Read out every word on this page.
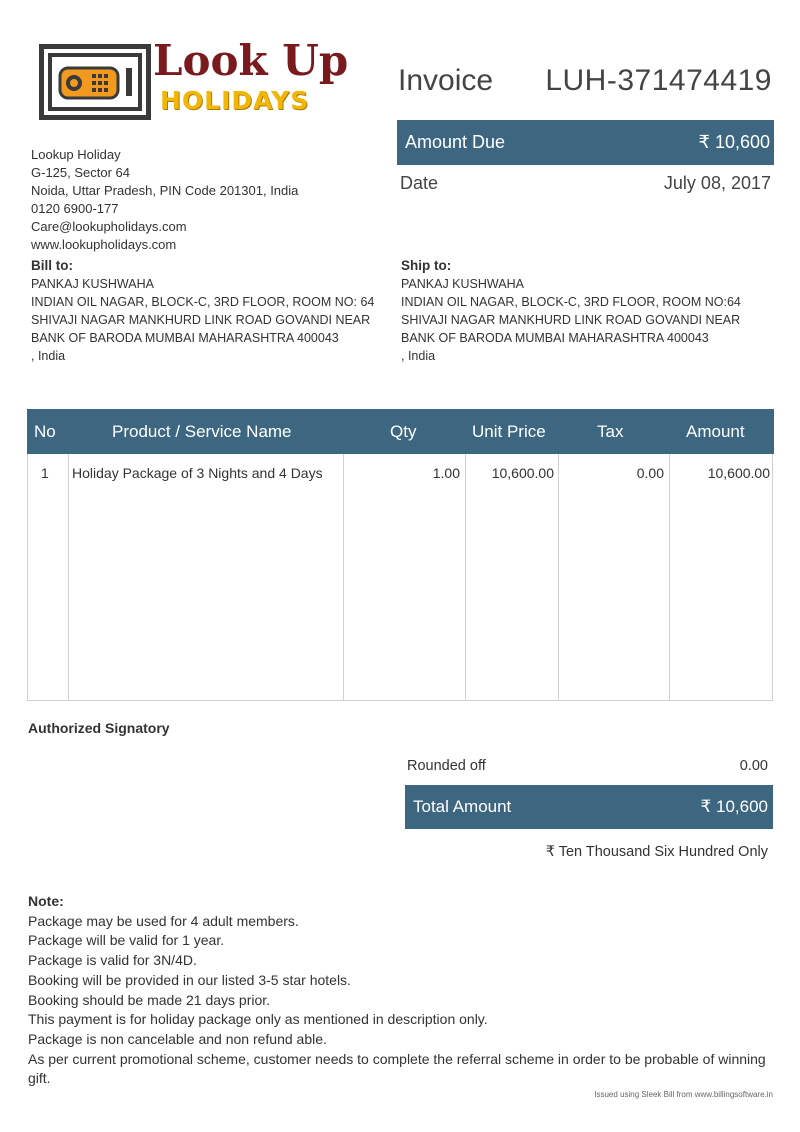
Look Up
HOLIDAYS
Invoice	LUH-371474419
Amount Due	₹ 10,600
Date	July 08, 2017
Lookup Holiday
G-125, Sector 64
Noida, Uttar Pradesh, PIN Code 201301, India
0120 6900-177
Care@lookupholidays.com
www.lookupholidays.com
Bill to:
PANKAJ KUSHWAHA
INDIAN OIL NAGAR, BLOCK-C, 3RD FLOOR, ROOM NO: 64 SHIVAJI NAGAR MANKHURD LINK ROAD GOVANDI NEAR BANK OF BARODA MUMBAI MAHARASHTRA 400043
, India
Ship to:
PANKAJ KUSHWAHA
INDIAN OIL NAGAR, BLOCK-C, 3RD FLOOR, ROOM NO:64 SHIVAJI NAGAR MANKHURD LINK ROAD GOVANDI NEAR BANK OF BARODA MUMBAI MAHARASHTRA 400043
, India
No	Product / Service Name	Qty	Unit Price	Tax	Amount
1 Holiday Package of 3 Nights and 4 Days	1.00	10,600.00	0.00	10,600.00
Authorized Signatory
Rounded off	0.00
Total Amount	₹ 10,600
₹ Ten Thousand Six Hundred Only
Note:
Package may be used for 4 adult members.
Package will be valid for 1 year.
Package is valid for 3N/4D.
Booking will be provided in our listed 3-5 star hotels.
Booking should be made 21 days prior.
This payment is for holiday package only as mentioned in description only.
Package is non cancelable and non refund able.
As per current promotional scheme, customer needs to complete the referral scheme in order to be probable of winning gift.
Issued using Sleek Bill from www.billingsoftware.in
